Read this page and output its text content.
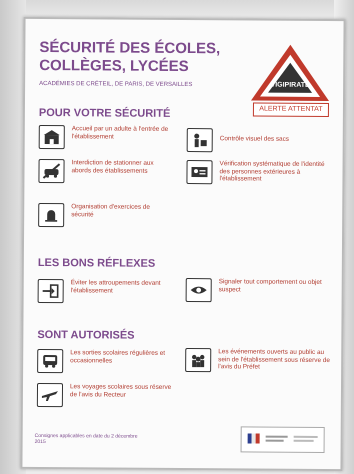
SÉCURITÉ DES ÉCOLES,
COLLÈGES, LYCÉES
ACADÉMIES DE CRÉTEIL, DE PARIS, DE VERSAILLES	VIGIPIRATE
ALERTE ATTENTAT
POUR VOTRE SÉCURITÉ
Accueil par un adulte à l'entrée de l'établissement	Contrôle visuel des sacs
Interdiction de stationner aux abords des établissements
Vérification systématique de l'identité des personnes extérieures à l'établissement
Organisation d'exercices de sécurité
LES BONS RÉFLEXES
Éviter les attroupements devant l'établissement
Signaler tout comportement ou objet suspect
SONT AUTORISÉS
Les sorties scolaires régulières et occasionnelles
Les événements ouverts au public au sein de l'établissement sous réserve de l'avis du Préfet
Les voyages scolaires sous réserve de l'avis du Recteur
Consignes applicables en date du 2 décembre 2015
